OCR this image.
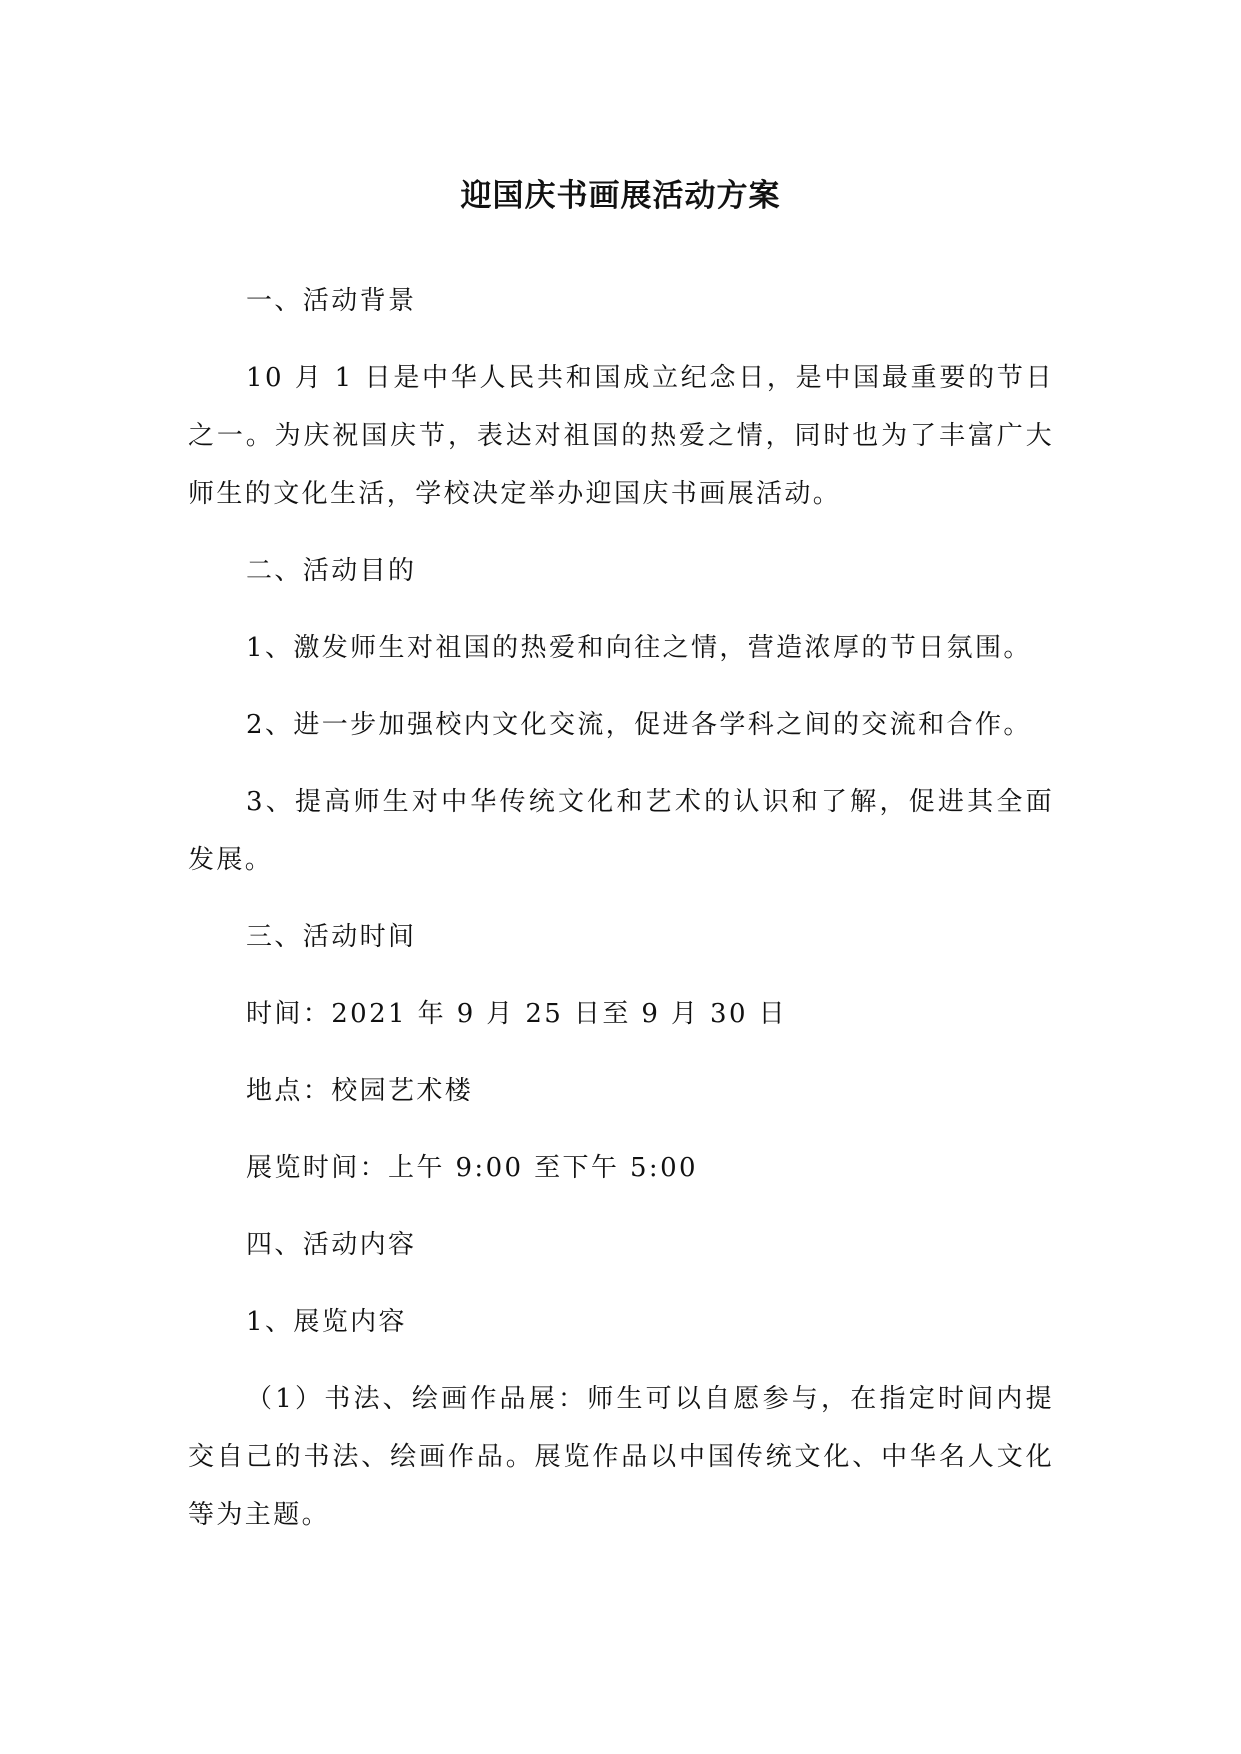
迎国庆书画展活动方案

一、活动背景

10 月 1 日是中华人民共和国成立纪念日，是中国最重要的节日之一。为庆祝国庆节，表达对祖国的热爱之情，同时也为了丰富广大师生的文化生活，学校决定举办迎国庆书画展活动。

二、活动目的

1、激发师生对祖国的热爱和向往之情，营造浓厚的节日氛围。

2、进一步加强校内文化交流，促进各学科之间的交流和合作。

3、提高师生对中华传统文化和艺术的认识和了解，促进其全面发展。

三、活动时间

时间：2021 年 9 月 25 日至 9 月 30 日

地点：校园艺术楼

展览时间：上午 9:00 至下午 5:00

四、活动内容

1、展览内容

（1）书法、绘画作品展：师生可以自愿参与，在指定时间内提交自己的书法、绘画作品。展览作品以中国传统文化、中华名人文化等为主题。
